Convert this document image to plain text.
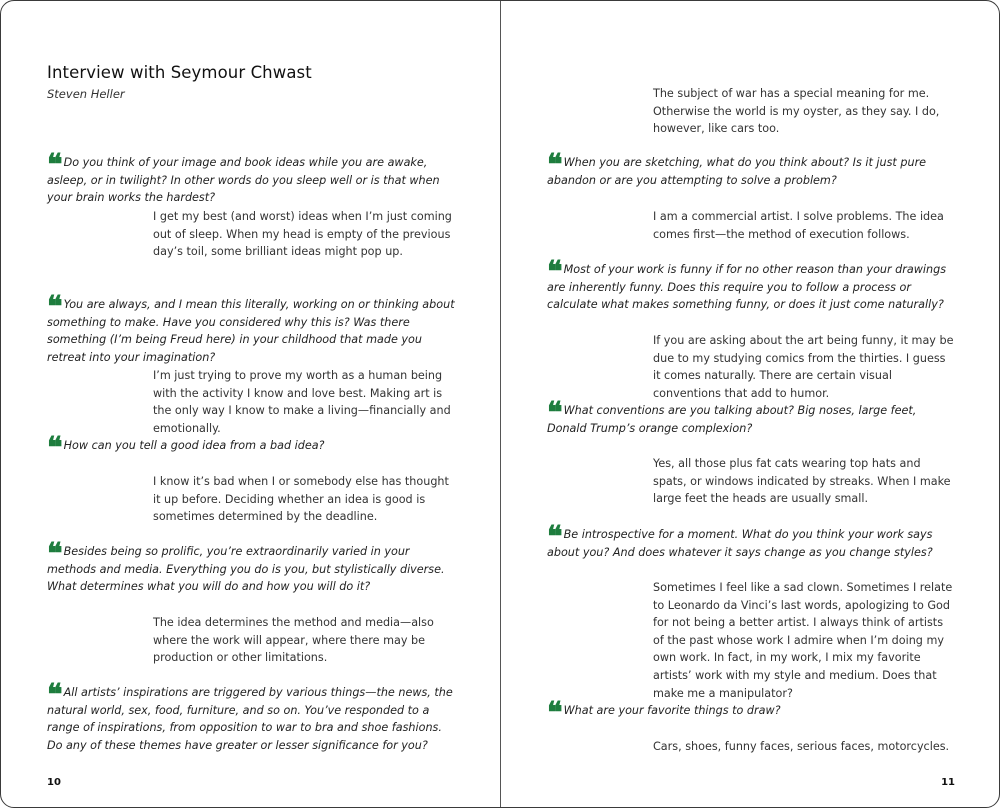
Interview with Seymour Chwast
Steven Heller

❝ Do you think of your image and book ideas while you are awake, asleep, or in twilight? In other words do you sleep well or is that when your brain works the hardest?

I get my best (and worst) ideas when I’m just coming out of sleep. When my head is empty of the previous day’s toil, some brilliant ideas might pop up.

❝ You are always, and I mean this literally, working on or thinking about something to make. Have you considered why this is? Was there something (I’m being Freud here) in your childhood that made you retreat into your imagination?

I’m just trying to prove my worth as a human being with the activity I know and love best. Making art is the only way I know to make a living—financially and emotionally.

❝ How can you tell a good idea from a bad idea?

I know it’s bad when I or somebody else has thought it up before. Deciding whether an idea is good is sometimes determined by the deadline.

❝ Besides being so prolific, you’re extraordinarily varied in your methods and media. Everything you do is you, but stylistically diverse. What determines what you will do and how you will do it?

The idea determines the method and media—also where the work will appear, where there may be production or other limitations.

❝ All artists’ inspirations are triggered by various things—the news, the natural world, sex, food, furniture, and so on. You’ve responded to a range of inspirations, from opposition to war to bra and shoe fashions. Do any of these themes have greater or lesser significance for you?

10

The subject of war has a special meaning for me. Otherwise the world is my oyster, as they say. I do, however, like cars too.

❝ When you are sketching, what do you think about? Is it just pure abandon or are you attempting to solve a problem?

I am a commercial artist. I solve problems. The idea comes first—the method of execution follows.

❝ Most of your work is funny if for no other reason than your drawings are inherently funny. Does this require you to follow a process or calculate what makes something funny, or does it just come naturally?

If you are asking about the art being funny, it may be due to my studying comics from the thirties. I guess it comes naturally. There are certain visual conventions that add to humor.

❝ What conventions are you talking about? Big noses, large feet, Donald Trump’s orange complexion?

Yes, all those plus fat cats wearing top hats and spats, or windows indicated by streaks. When I make large feet the heads are usually small.

❝ Be introspective for a moment. What do you think your work says about you? And does whatever it says change as you change styles?

Sometimes I feel like a sad clown. Sometimes I relate to Leonardo da Vinci’s last words, apologizing to God for not being a better artist. I always think of artists of the past whose work I admire when I’m doing my own work. In fact, in my work, I mix my favorite artists’ work with my style and medium. Does that make me a manipulator?

❝ What are your favorite things to draw?

Cars, shoes, funny faces, serious faces, motorcycles.

11
